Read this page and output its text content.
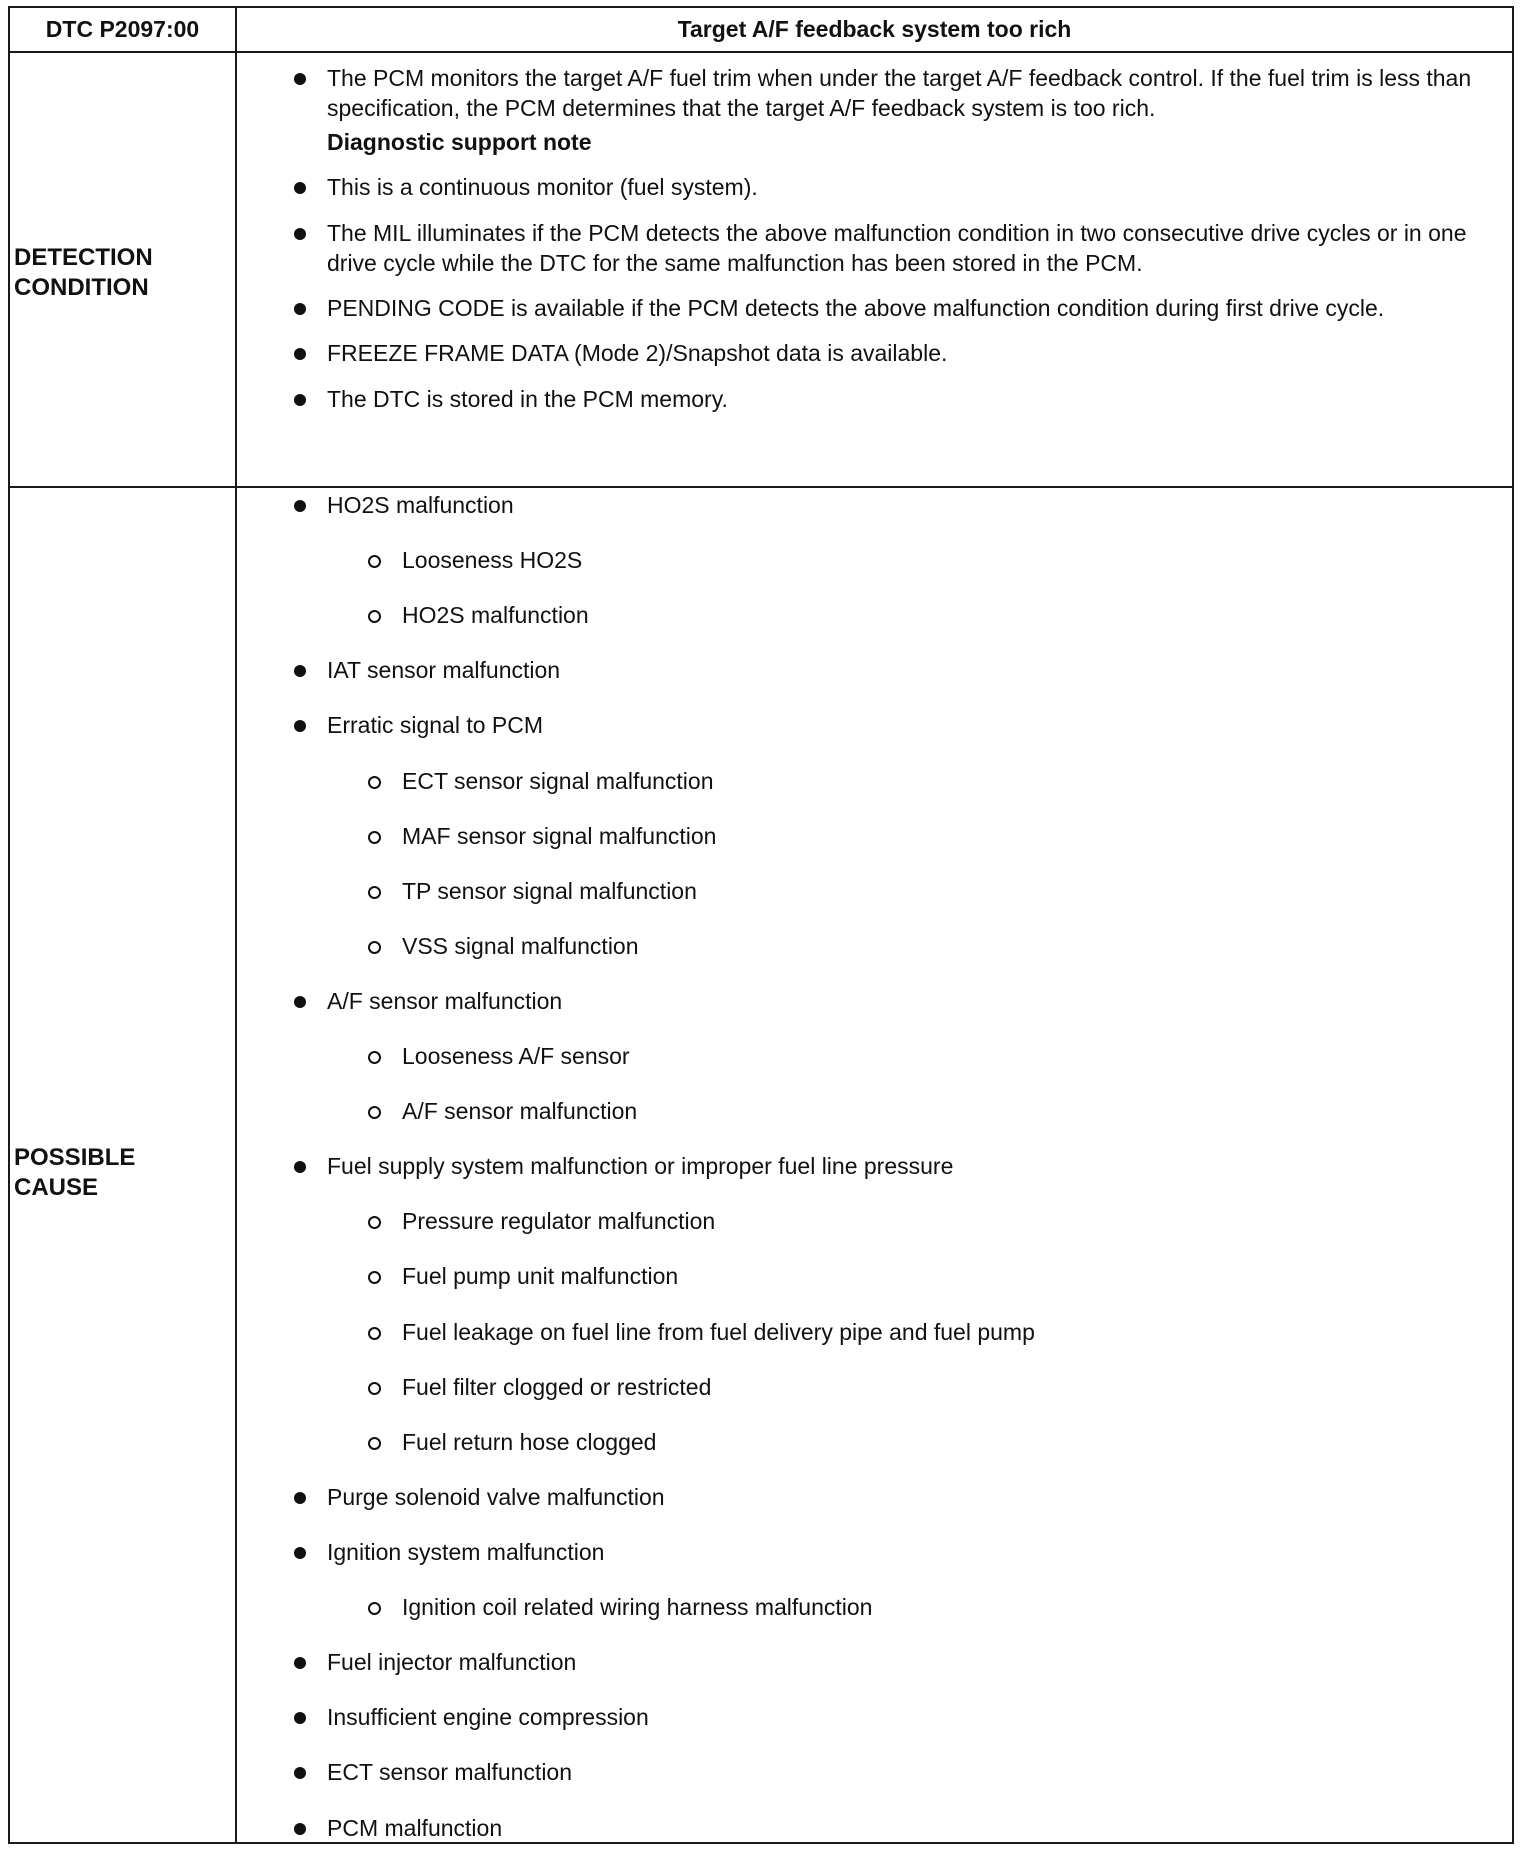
DTC P2097:00	Target A/F feedback system too rich
DETECTION
CONDITION
The PCM monitors the target A/F fuel trim when under the target A/F feedback control. If the fuel trim is less than specification, the PCM determines that the target A/F feedback system is too rich.
Diagnostic support note
This is a continuous monitor (fuel system).
The MIL illuminates if the PCM detects the above malfunction condition in two consecutive drive cycles or in one drive cycle while the DTC for the same malfunction has been stored in the PCM.
PENDING CODE is available if the PCM detects the above malfunction condition during first drive cycle.
FREEZE FRAME DATA (Mode 2)/Snapshot data is available.
The DTC is stored in the PCM memory.
POSSIBLE
CAUSE
HO2S malfunction
Looseness HO2S
HO2S malfunction
IAT sensor malfunction
Erratic signal to PCM
ECT sensor signal malfunction
MAF sensor signal malfunction
TP sensor signal malfunction
VSS signal malfunction
A/F sensor malfunction
Looseness A/F sensor
A/F sensor malfunction
Fuel supply system malfunction or improper fuel line pressure
Pressure regulator malfunction
Fuel pump unit malfunction
Fuel leakage on fuel line from fuel delivery pipe and fuel pump
Fuel filter clogged or restricted
Fuel return hose clogged
Purge solenoid valve malfunction
Ignition system malfunction
Ignition coil related wiring harness malfunction
Fuel injector malfunction
Insufficient engine compression
ECT sensor malfunction
PCM malfunction
